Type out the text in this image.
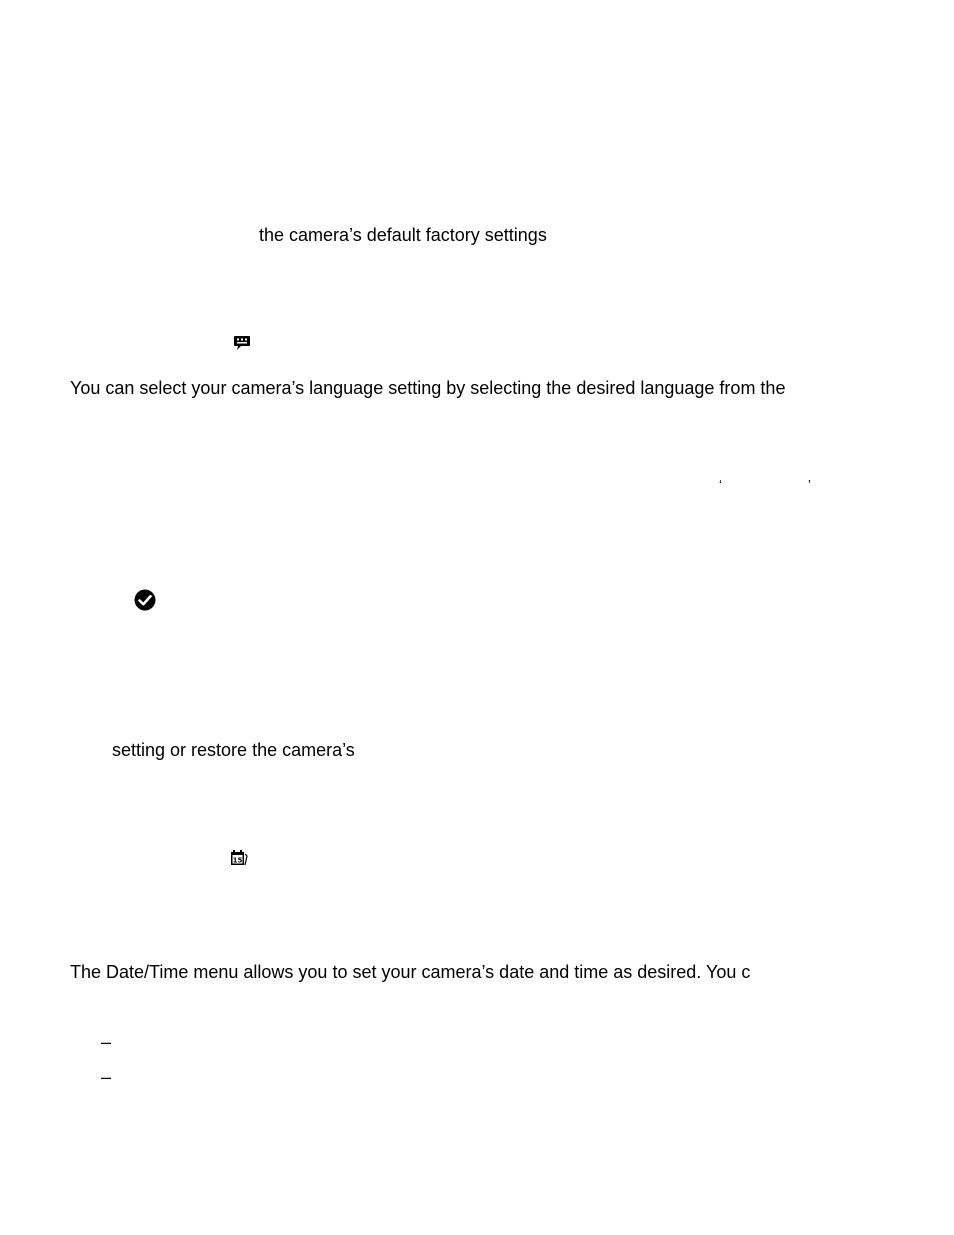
the camera’s default factory settings
You can select your camera’s language setting by selecting the desired language from the
‘	’
setting or restore the camera’s
15
The Date/Time menu allows you to set your camera’s date and time as desired. You c
–
–
